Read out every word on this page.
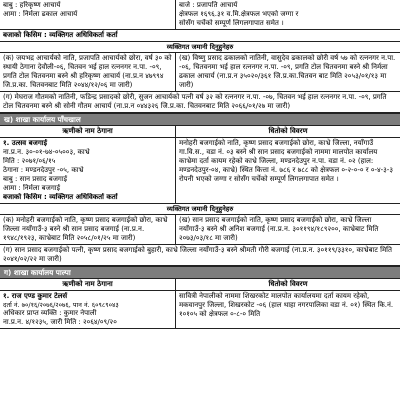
बाबु : हरिकृष्ण आचार्य
आमा : निर्मला ढकाल आचार्य
बाजे : प्रजापति आचार्य
क्षेत्रफल १६९६.३१ व.मि.क्षेत्रफल भएको जग्गा र
सोसँग चर्चेको सम्पूर्ण लिगलगापात समेत ।
बजाको किसिम : व्यक्तिगत अधिविकर्ता कर्ता
व्यक्तिगत जमानी दिनुहुनेहरु
(क) जयभद्र आचार्यको नाति, प्रजापति आचार्यको छोरा, वर्ष ३० को स्थायी ठेगाना देवौली-०६, चितवन भई हाल रत्ननगर न.पा. -०९, प्रगति टोल चितवनमा बस्ने श्री हरिकृष्ण आचार्य (ना.प्र.न ४७९९४ जि.प्र.का. चितवनबाट मिति २०४४/१२/०६ मा जारी)
(ख) विष्णु प्रसाद ढकालको नातिनी, वासुदेव ढकालको छोरी वर्ष ५७ को रत्ननगर न.पा. -०६, चितवनमा भई हाल रत्ननगर न.पा. -०९, प्रगति टोल चितवनमा बस्ने श्री निर्मला ढकाल आचार्य (ना.प्र.न ३५०२०/३६१ जि.प्र.का.चितवन बाट मिति २०५३/०१/१३ मा जारी)
(ग) मेघराज गौतमको नातिनी, फडिन्द्र प्रसादको छोरी, सुजन आचार्यको पत्नी वर्ष ३२ को रत्ननगर न.पा. -०७, चितवन भई हाल रत्ननगर न.पा. -०९, प्रगति टोल चितवनमा बस्ने श्री सोनी गौतम आचार्य (ना.प्र.न ०४४३२६ जि.प्र.का. चितवनबाट मिति २०६६/०१/२७ मा जारी)
ख) शाखा कार्यालय पाँचखाल
ऋणीको नाम ठेगाना	धितोको विवरण
१. उत्सव बजगाई
ना.प्र.न. ३०-०१-७४-०५००३, काभ्रे
मिति : २०७१/०६/१५
ठेगाना : मण्डनदेउपुर -०५, काभ्रे
बाबु : सान प्रसाद बजगाई
आमा : निर्मला बजगाई
बजाको किसिम : व्यक्तिगत अधिविकर्ता कर्ता
मनोहरी बजगाईको नाति, कृष्ण प्रसाद बजगाईको छोरा, काभ्रे जिल्ला, नयाँगाउँ गा.वि.स., वडा नं. ०३ बस्ने श्री सान प्रसाद बजगाईको नाममा मालपोत कार्यालय काभ्रेमा दर्ता कायम रहेको काभ्रे जिल्ला, मण्डनदेउपुर न.पा. वडा नं. ०२ (हाल: मण्डनदेउपुर-०४, काभ्रे) स्थित कित्ता नं. ७८६ र ७८८ को क्षेत्रफल ०-२-०-० र ०-४-३-३ रोपनी भएको जग्गा र सोसँग चर्चेको सम्पूर्ण लिगलगापात समेत ।
व्यक्तिगत जमानी दिनुहुनेहरु
(क) मनोहरी बजगाईको नाति, कृष्ण प्रसाद बजगाईको छोरा, काभ्रे जिल्ला नयाँगाउँ-३ बस्ने श्री सान प्रसाद बजगाई (ना.प्र.न. १९४८/१९२३, काभ्रेबाट मिति २०५८/०१/२५ मा जारी)
(ख) सान प्रसाद बजगाईको नाति, कृष्ण प्रसाद बजगाईको छोरा, काभ्रे जिल्ला नयाँगाउँ-३ बस्ने श्री अनिश बजगाई (ना.प्र.न. ३०११९४/१८९२००, काभ्रेबाट मिति २०७३/०३/१८ मा जारी)
(ग) सान प्रसाद बजगाईको पत्नी, कृष्ण प्रसाद बजगाईको बुहारी, काभ्रे जिल्ला नयाँगाउँ-३ बस्ने श्रीमती गौरी बजगाई (ना.प्र.न. ३०११९/३३१०, काभ्रेबाट मिति २०४१/०२/२२ मा जारी)
ग) शाखा कार्यालय पाल्पा
ऋणीको नाम ठेगाना	धितोको विवरण
१. राज एण्ड कुमार टेलर्स
दर्ता नं. ७०/१६/२०७६/२०७६, पान नं. ६०९८९०४३
अधिकार प्राप्त व्यक्ति : कुमार नेपाली
ना.प्र.न. ४/१२३५, जारी मिति : २०६४/०९/२०
सावित्री नेपालीको नाममा शिखरकोट मालपोत कार्यालयमा दर्ता कायम रहेको, मकवानपुर जिल्ला, शिखरकोट -०६ (हाल थाहा नगरपालिका वडा नं. ०१) स्थित कि.नं. १०१०५ को क्षेत्रफल ०-८-० मिति
